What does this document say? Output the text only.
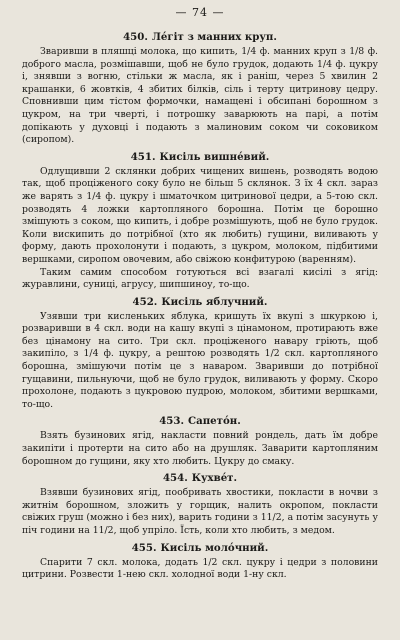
— 74 —
450. Лéгiт з манних круп.

Зваривши в пляшцi молока, що кипить, 1/4 ф. манних круп з 1/8 ф. доброго масла, розмiшавши, щоб не було грудок, додають 1/4 ф. цукру i, знявши з вогню, стiльки ж масла, як i раніш, через 5 хвилин 2 крашанки, 6 жовткiв, 4 збитих бiлкiв, сiль i терту цитринову цедру. Сповнивши цим тiстом формочки, намащені і обсипані борошном з цукром, на три чвертi, i потрошку заварюють на парi, а потiм допiкають у духовцi i подають з малиновим соком чи соковиком (сиропом).

451. Кисiль вишнéвий.

Одлущивши 2 склянки добрих чищених вишень, розводять водою так, щоб процiженого соку було не бiльш 5 склянок. З їх 4 скл. зараз же варять з 1/4 ф. цукру i шматочком цитринової цедри, а 5-тою скл. розводять 4 ложки картопляного борошна. Потiм це борошно змiшують з соком, що кипить, i добре розмiшують, щоб не було грудок. Коли вискипить до потрiбної (хто як любить) гущини, виливають у форму, дають прохолонути i подають, з цукром, молоком, пiдбитими вершками, сиропом овочевим, або свiжою конфитурою (варенням).

Таким самим способом готуються всi взагалi кисiлi з ягiд: журавлини, суницi, агрусу, шипшиноу, то-що.

452. Кисiль яблучний.

Узявши три кисленьких яблука, кришуть їх вкупi з шкуркою i, розваривши в 4 скл. води на кашу вкупi з цiнамоном, протирають вже без цiнамону на сито. Три скл. процiженого навару грiють, щоб закипiло, з 1/4 ф. цукру, а рештою розводять 1/2 скл. картопляного борошна, змiшуючи потiм це з наваром. Зваривши до потрiбної гущавини, пильнуючи, щоб не було грудок, виливають у форму. Скоро прохолоне, подають з цукровою пудрою, молоком, збитими вершками, то-що.

453. Сапетóн.

Взять бузинових ягiд, накласти повний рондель, дать їм добре закипiти i протерти на сито або на друшляк. Заварити картопляним борошном до гущини, яку хто любить. Цукру до смаку.

454. Кухвéт.

Взявши бузинових ягiд, пообривать хвостики, покласти в ночви з житнiм борошном, зложить у горщик, налить окропом, покласти свiжих груш (можно i без них), варить години з 11/2, а потiм засунуть у пiч години на 11/2, щоб упрiло. Їсть, коли хто любить, з медом.

455. Кисiль молóчний.

Спарити 7 скл. молока, додать 1/2 скл. цукру i цедри з половини цитрини. Розвести 1-нею скл. холодної води 1-ну скл.
